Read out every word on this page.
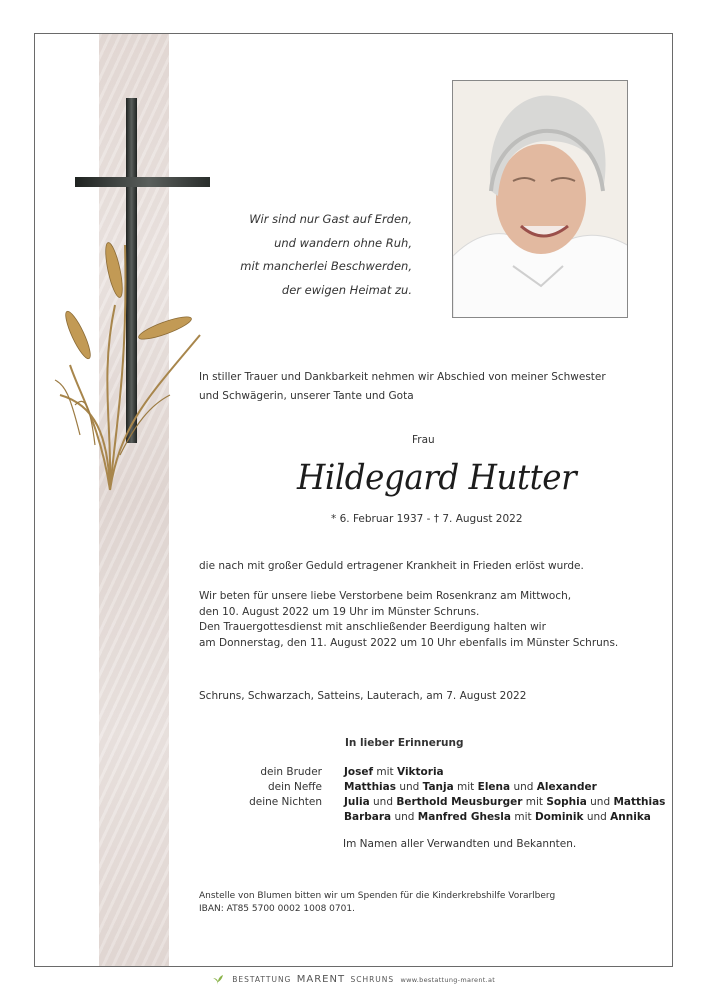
Wir sind nur Gast auf Erden,
und wandern ohne Ruh,
mit mancherlei Beschwerden,
der ewigen Heimat zu.
In stiller Trauer und Dankbarkeit nehmen wir Abschied von meiner Schwester
und Schwägerin, unserer Tante und Gota
Frau
Hildegard Hutter
* 6. Februar 1937 - † 7. August 2022
die nach mit großer Geduld ertragener Krankheit in Frieden erlöst wurde.
Wir beten für unsere liebe Verstorbene beim Rosenkranz am Mittwoch,
den 10. August 2022 um 19 Uhr im Münster Schruns.
Den Trauergottesdienst mit anschließender Beerdigung halten wir
am Donnerstag, den 11. August 2022 um 10 Uhr ebenfalls im Münster Schruns.
Schruns, Schwarzach, Satteins, Lauterach, am 7. August 2022
In lieber Erinnerung
dein Bruder
dein Neffe
deine Nichten
Josef mit Viktoria
Matthias und Tanja mit Elena und Alexander
Julia und Berthold Meusburger mit Sophia und Matthias
Barbara und Manfred Ghesla mit Dominik und Annika
Im Namen aller Verwandten und Bekannten.
Anstelle von Blumen bitten wir um Spenden für die Kinderkrebshilfe Vorarlberg
IBAN: AT85 5700 0002 1008 0701.
BESTATTUNG MARENT SCHRUNS www.bestattung-marent.at
